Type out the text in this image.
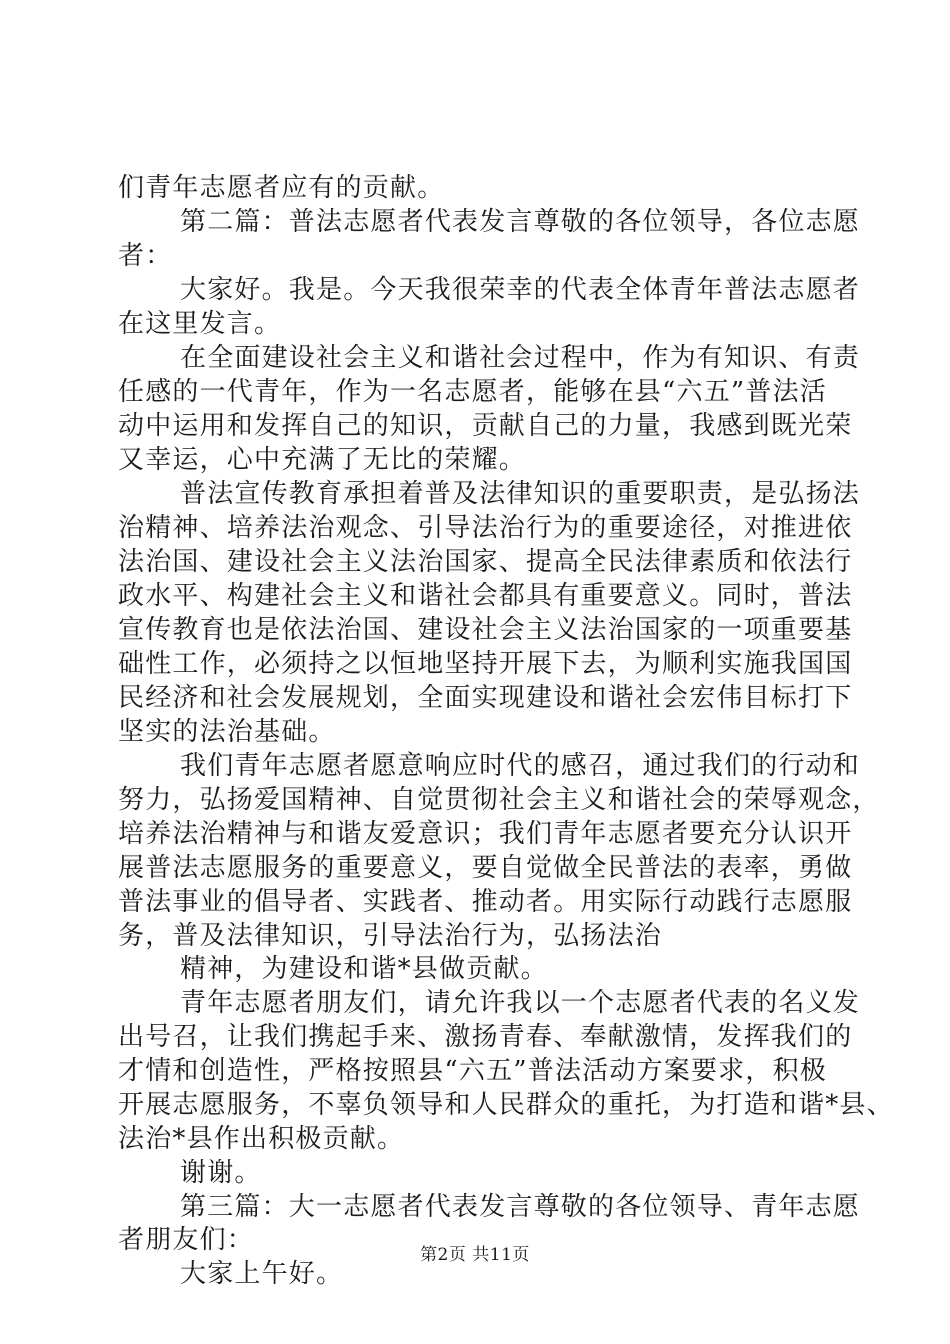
们青年志愿者应有的贡献。
第二篇：普法志愿者代表发言尊敬的各位领导，各位志愿
者：
大家好。我是。今天我很荣幸的代表全体青年普法志愿者
在这里发言。
在全面建设社会主义和谐社会过程中，作为有知识、有责
任感的一代青年，作为一名志愿者，能够在县“六五”普法活
动中运用和发挥自己的知识，贡献自己的力量，我感到既光荣
又幸运，心中充满了无比的荣耀。
普法宣传教育承担着普及法律知识的重要职责，是弘扬法
治精神、培养法治观念、引导法治行为的重要途径，对推进依
法治国、建设社会主义法治国家、提高全民法律素质和依法行
政水平、构建社会主义和谐社会都具有重要意义。同时，普法
宣传教育也是依法治国、建设社会主义法治国家的一项重要基
础性工作，必须持之以恒地坚持开展下去，为顺利实施我国国
民经济和社会发展规划，全面实现建设和谐社会宏伟目标打下
坚实的法治基础。
我们青年志愿者愿意响应时代的感召，通过我们的行动和
努力，弘扬爱国精神、自觉贯彻社会主义和谐社会的荣辱观念，
培养法治精神与和谐友爱意识；我们青年志愿者要充分认识开
展普法志愿服务的重要意义，要自觉做全民普法的表率，勇做
普法事业的倡导者、实践者、推动者。用实际行动践行志愿服
务，普及法律知识，引导法治行为，弘扬法治
精神，为建设和谐*县做贡献。
青年志愿者朋友们，请允许我以一个志愿者代表的名义发
出号召，让我们携起手来、激扬青春、奉献激情，发挥我们的
才情和创造性，严格按照县“六五”普法活动方案要求，积极
开展志愿服务，不辜负领导和人民群众的重托，为打造和谐*县、
法治*县作出积极贡献。
谢谢。
第三篇：大一志愿者代表发言尊敬的各位领导、青年志愿
者朋友们：
大家上午好。
第2页 共11页
